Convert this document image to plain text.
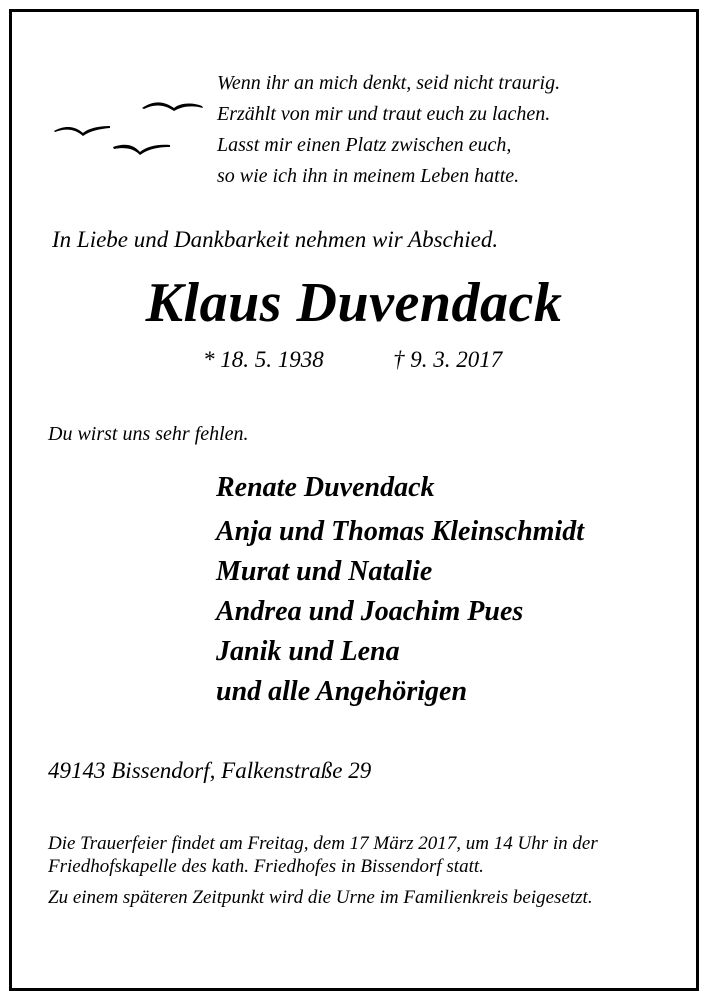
Wenn ihr an mich denkt, seid nicht traurig.
Erzählt von mir und traut euch zu lachen.
Lasst mir einen Platz zwischen euch,
so wie ich ihn in meinem Leben hatte.
In Liebe und Dankbarkeit nehmen wir Abschied.
Klaus Duvendack
* 18. 5. 1938	† 9. 3. 2017
Du wirst uns sehr fehlen.
Renate Duvendack
Anja und Thomas Kleinschmidt
Murat und Natalie
Andrea und Joachim Pues
Janik und Lena
und alle Angehörigen
49143 Bissendorf, Falkenstraße 29

Die Trauerfeier findet am Freitag, dem 17 März 2017, um 14 Uhr in der Friedhofskapelle des kath. Friedhofes in Bissendorf statt.

Zu einem späteren Zeitpunkt wird die Urne im Familienkreis beigesetzt.
